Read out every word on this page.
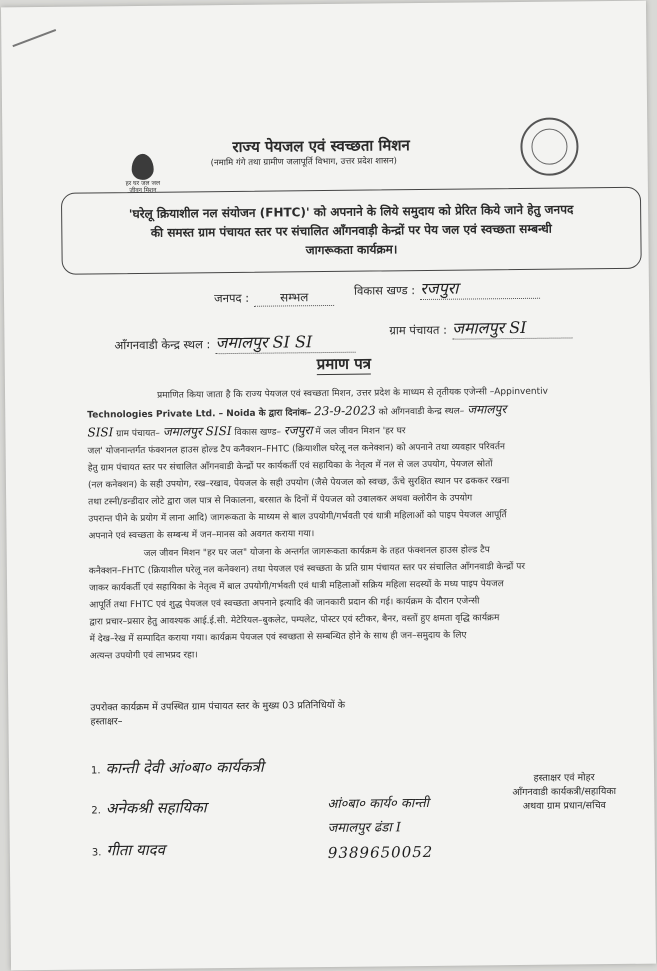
हर घर जल जल जीवन मिशन
राज्य पेयजल एवं स्वच्छता मिशन
(नमामि गंगे तथा ग्रामीण जलापूर्ति विभाग, उत्तर प्रदेश शासन)
'घरेलू क्रियाशील नल संयोजन (FHTC)' को अपनाने के लिये समुदाय को प्रेरित किये जाने हेतु जनपद
की समस्त ग्राम पंचायत स्तर पर संचालित आँगनवाड़ी केन्द्रों पर पेय जल एवं स्वच्छता सम्बन्धी
जागरूकता कार्यक्रम।
जनपद :	सम्भल	विकास खण्ड : रजपुरा
आँगनवाडी केन्द्र स्थल : जमालपुर SI SI
ग्राम पंचायत : जमालपुर SI
प्रमाण पत्र
प्रमाणित किया जाता है कि राज्य पेयजल एवं स्वच्छता मिशन, उत्तर प्रदेश के माध्यम से तृतीयक एजेन्सी –Appinventiv
Technologies Private Ltd. – Noida के द्वारा दिनांक– 23-9-2023 को आँगनवाडी केन्द्र स्थल– जमालपुर
SISI ग्राम पंचायत– जमालपुर SISI विकास खण्ड– रजपुरा में जल जीवन मिशन 'हर घर
जल' योजनान्तर्गत फंक्शनल हाउस होल्ड टैप कनैक्शन–FHTC (क्रियाशील घरेलू नल कनेक्शन) को अपनाने तथा व्यवहार परिवर्तन
हेतु ग्राम पंचायत स्तर पर संचालित आँगनवाडी केन्द्रों पर कार्यकर्ती एवं सहायिका के नेतृत्व में नल से जल उपयोग, पेयजल स्रोतों
(नल कनेक्शन) के सही उपयोग, रख–रखाव, पेयजल के सही उपयोग (जैसे पेयजल को स्वच्छ, ऊँचे सुरक्षित स्थान पर ढककर रखना
तथा टस्नी/डन्डीदार लोटे द्वारा जल पात्र से निकालना, बरसात के दिनों में पेयजल को उबालकर अथवा क्लोरीन के उपयोग
उपरान्त पीने के प्रयोग में लाना आदि) जागरूकता के माध्यम से बाल उपयोगी/गर्भवती एवं धात्री महिलाओं को पाइप पेयजल आपूर्ति
अपनाने एवं स्वच्छता के सम्बन्ध में जन–मानस को अवगत कराया गया।
जल जीवन मिशन "हर घर जल" योजना के अन्तर्गत जागरूकता कार्यक्रम के तहत फंक्शनल हाउस होल्ड टैप
कनैक्शन–FHTC (क्रियाशील घरेलू नल कनेक्शन) तथा पेयजल एवं स्वच्छता के प्रति ग्राम पंचायत स्तर पर संचालित आँगनवाडी केन्द्रों पर
जाकर कार्यकर्ती एवं सहायिका के नेतृत्व में बाल उपयोगी/गर्भवती एवं धात्री महिलाओं सक्रिय महिला सदस्यों के मध्य पाइप पेयजल
आपूर्ति तथा FHTC एवं शुद्ध पेयजल एवं स्वच्छता अपनाने इत्यादि की जानकारी प्रदान की गई। कार्यक्रम के दौरान एजेन्सी
द्वारा प्रचार–प्रसार हेतु आवश्यक आई.ई.सी. मेटेरियल–बुकलेट, पम्पलेट, पोस्टर एवं स्टीकर, बैनर, वस्तों हुए क्षमता वृद्धि कार्यक्रम
में देख–रेख में सम्पादित कराया गया। कार्यक्रम पेयजल एवं स्वच्छता से सम्बन्धित होने के साथ ही जन–समुदाय के लिए
अत्यन्त उपयोगी एवं लाभप्रद रहा।
उपरोक्त कार्यक्रम में उपस्थित ग्राम पंचायत स्तर के मुख्य 03 प्रतिनिधियों के
हस्ताक्षर–
1. कान्ती देवी आं०बा० कार्यकत्री
2. अनेकश्री सहायिका
3. गीता यादव
आं०बा० कार्य० कान्ती
जमालपुर ढंडा I
9389650052
हस्ताक्षर एवं मोहर
आँगनवाडी कार्यकत्री/सहायिका
अथवा ग्राम प्रधान/सचिव
